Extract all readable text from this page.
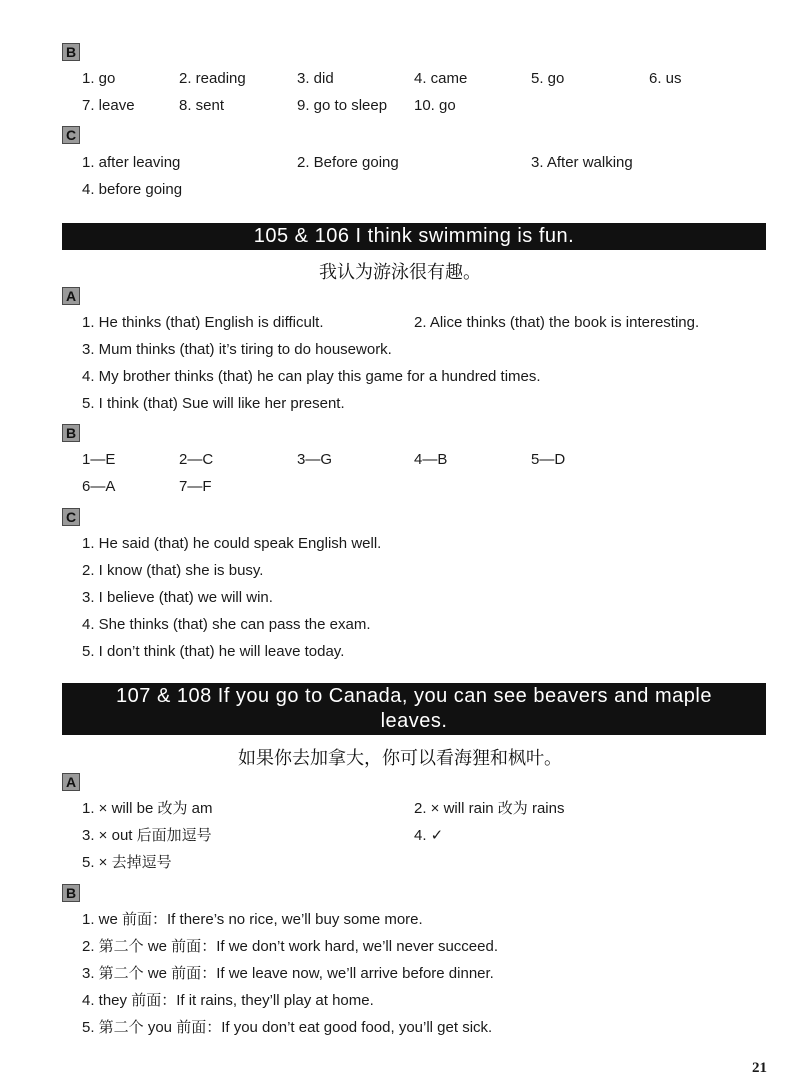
B
1. go	2. reading	3. did	4. came	5. go	6. us
7. leave	8. sent	9. go to sleep 10. go
C
1. after leaving	2. Before going	3. After walking
4. before going
105 & 106 I think swimming is fun.
我认为游泳很有趣。
A
1. He thinks (that) English is difficult.	2. Alice thinks (that) the book is interesting.
3. Mum thinks (that) it’s tiring to do housework.
4. My brother thinks (that) he can play this game for a hundred times.
5. I think (that) Sue will like her present.
B
1—E	2—C	3—G	4—B	5—D
6—A	7—F
C
1. He said (that) he could speak English well.
2. I know (that) she is busy.
3. I believe (that) we will win.
4. She thinks (that) she can pass the exam.
5. I don’t think (that) he will leave today.
107 & 108 If you go to Canada, you can see beavers and maple
leaves.
如果你去加拿大，你可以看海狸和枫叶。
A
1. × will be 改为 am	2. × will rain 改为 rains
3. × out 后面加逗号	4. ✓
5. × 去掉逗号
B
1. we 前面：If there’s no rice, we’ll buy some more.
2. 第二个 we 前面：If we don’t work hard, we’ll never succeed.
3. 第二个 we 前面：If we leave now, we’ll arrive before dinner.
4. they 前面：If it rains, they’ll play at home.
5. 第二个 you 前面：If you don’t eat good food, you’ll get sick.
21
